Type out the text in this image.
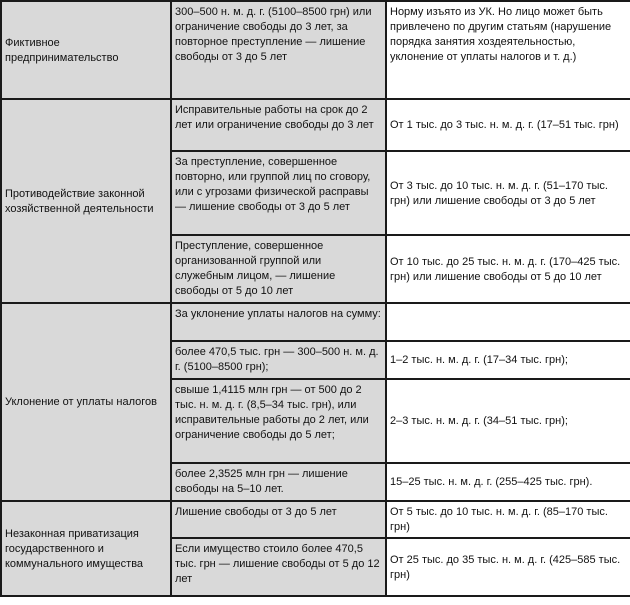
Фиктивное предпринимательство	300–500 н. м. д. г. (5100–8500 грн) или ограничение свободы до 3 лет, за повторное преступление — лишение свободы от 3 до 5 лет	Норму изъято из УК. Но лицо может быть привлечено по другим статьям (нарушение порядка занятия хоздеятельностью, уклонение от уплаты налогов и т. д.)
Противодействие законной хозяйственной деятельности	Исправительные работы на срок до 2 лет или ограничение свободы до 3 лет	От 1 тыс. до 3 тыс. н. м. д. г. (17–51 тыс. грн)
	За преступление, совершенное повторно, или группой лиц по сговору, или с угрозами физической расправы — лишение свободы от 3 до 5 лет	От 3 тыс. до 10 тыс. н. м. д. г. (51–170 тыс. грн) или лишение свободы от 3 до 5 лет
	Преступление, совершенное организованной группой или служебным лицом, — лишение свободы от 5 до 10 лет	От 10 тыс. до 25 тыс. н. м. д. г. (170–425 тыс. грн) или лишение свободы от 5 до 10 лет
Уклонение от уплаты налогов	За уклонение уплаты налогов на сумму:	
	более 470,5 тыс. грн — 300–500 н. м. д. г. (5100–8500 грн);	1–2 тыс. н. м. д. г. (17–34 тыс. грн);
	свыше 1,4115 млн грн — от 500 до 2 тыс. н. м. д. г. (8,5–34 тыс. грн), или исправительные работы до 2 лет, или ограничение свободы до 5 лет;	2–3 тыс. н. м. д. г. (34–51 тыс. грн);
	более 2,3525 млн грн — лишение свободы на 5–10 лет.	15–25 тыс. н. м. д. г. (255–425 тыс. грн).
Незаконная приватизация государственного и коммунального имущества	Лишение свободы от 3 до 5 лет	От 5 тыс. до 10 тыс. н. м. д. г. (85–170 тыс. грн)
	Если имущество стоило более 470,5 тыс. грн — лишение свободы от 5 до 12 лет	От 25 тыс. до 35 тыс. н. м. д. г. (425–585 тыс. грн)
